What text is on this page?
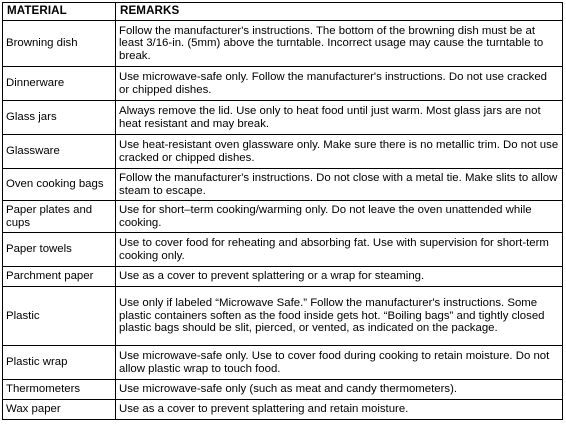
MATERIAL	REMARKS
Browning dish	Follow the manufacturer's instructions. The bottom of the browning dish must be at least 3/16-in. (5mm) above the turntable. Incorrect usage may cause the turntable to break.
Dinnerware	Use microwave-safe only. Follow the manufacturer's instructions. Do not use cracked or chipped dishes.
Glass jars	Always remove the lid. Use only to heat food until just warm. Most glass jars are not heat resistant and may break.
Glassware	Use heat-resistant oven glassware only. Make sure there is no metallic trim. Do not use cracked or chipped dishes.
Oven cooking bags	Follow the manufacturer's instructions. Do not close with a metal tie. Make slits to allow steam to escape.
Paper plates and cups	Use for short–term cooking/warming only. Do not leave the oven unattended while cooking.
Paper towels	Use to cover food for reheating and absorbing fat. Use with supervision for short-term cooking only.
Parchment paper	Use as a cover to prevent splattering or a wrap for steaming.
Plastic	Use only if labeled “Microwave Safe.” Follow the manufacturer's instructions. Some plastic containers soften as the food inside gets hot. “Boiling bags” and tightly closed plastic bags should be slit, pierced, or vented, as indicated on the package.
Plastic wrap	Use microwave-safe only. Use to cover food during cooking to retain moisture. Do not allow plastic wrap to touch food.
Thermometers	Use microwave-safe only (such as meat and candy thermometers).
Wax paper	Use as a cover to prevent splattering and retain moisture.
